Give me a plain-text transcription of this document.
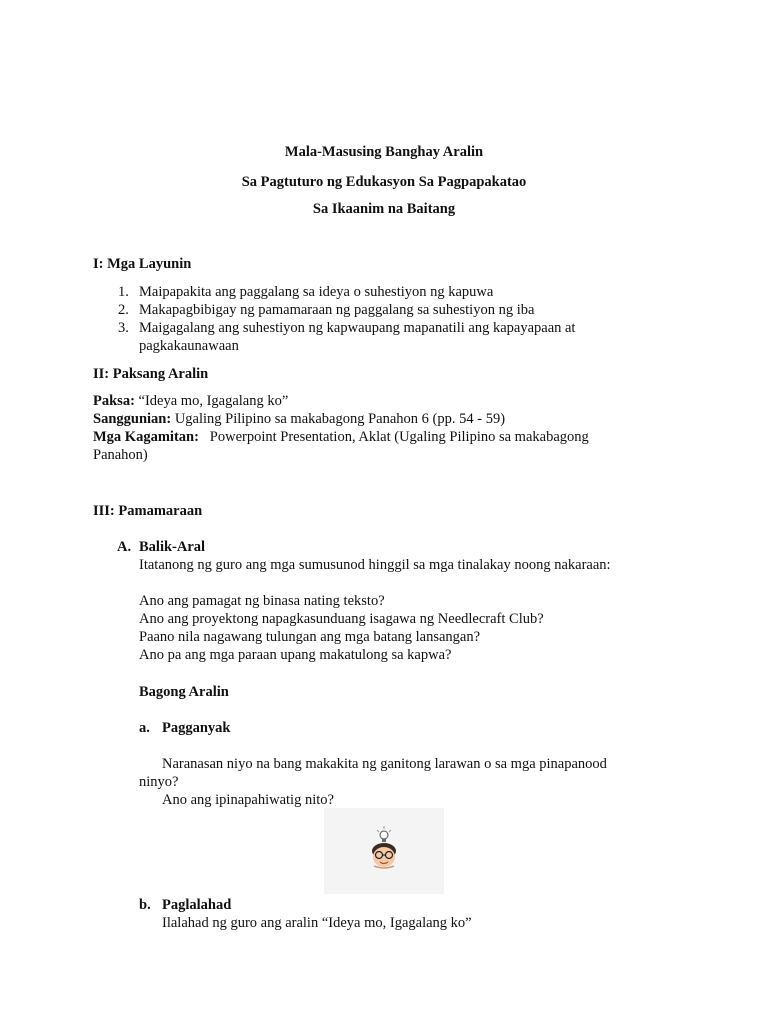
Mala-Masusing Banghay Aralin
Sa Pagtuturo ng Edukasyon Sa Pagpapakatao
Sa Ikaanim na Baitang
I: Mga Layunin
1. Maipapakita ang paggalang sa ideya o suhestiyon ng kapuwa
2. Makapagbibigay ng pamamaraan ng paggalang sa suhestiyon ng iba
3. Maigagalang ang suhestiyon ng kapwaupang mapanatili ang kapayapaan at
pagkakaunawaan
II: Paksang Aralin
Paksa: “Ideya mo, Igagalang ko”
Sanggunian: Ugaling Pilipino sa makabagong Panahon 6 (pp. 54 - 59)
Mga Kagamitan:   Powerpoint Presentation, Aklat (Ugaling Pilipino sa makabagong
Panahon)
III: Pamamaraan
A. Balik-Aral
Itatanong ng guro ang mga sumusunod hinggil sa mga tinalakay noong nakaraan:
Ano ang pamagat ng binasa nating teksto?
Ano ang proyektong napagkasunduang isagawa ng Needlecraft Club?
Paano nila nagawang tulungan ang mga batang lansangan?
Ano pa ang mga paraan upang makatulong sa kapwa?
Bagong Aralin
a. Pagganyak
Naranasan niyo na bang makakita ng ganitong larawan o sa mga pinapanood
ninyo?
Ano ang ipinapahiwatig nito?
b. Paglalahad
Ilalahad ng guro ang aralin “Ideya mo, Igagalang ko”
